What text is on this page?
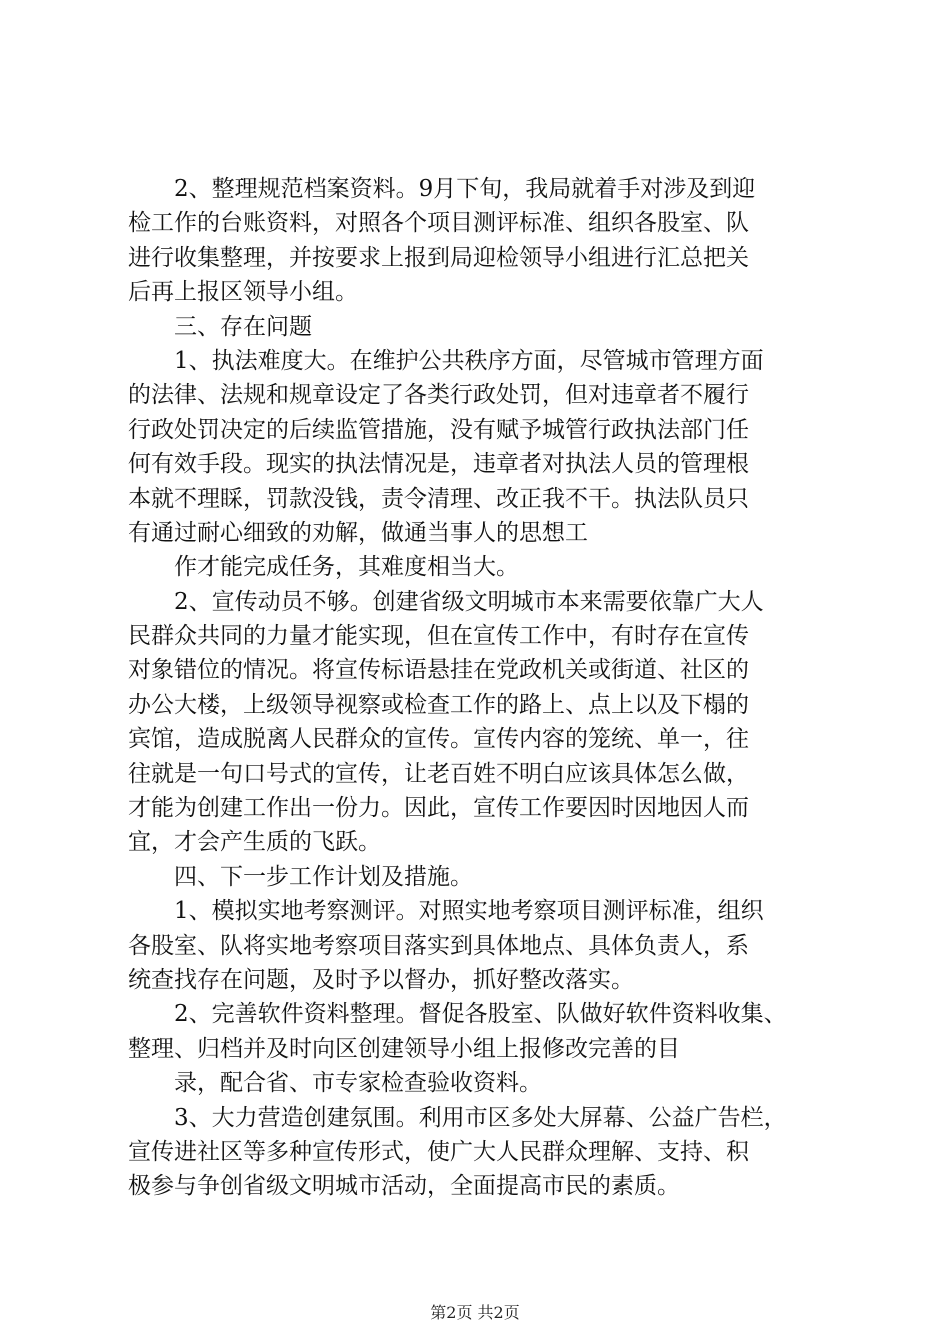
2、整理规范档案资料。9月下旬，我局就着手对涉及到迎
检工作的台账资料，对照各个项目测评标准、组织各股室、队
进行收集整理，并按要求上报到局迎检领导小组进行汇总把关
后再上报区领导小组。
三、存在问题
1、执法难度大。在维护公共秩序方面，尽管城市管理方面
的法律、法规和规章设定了各类行政处罚，但对违章者不履行
行政处罚决定的后续监管措施，没有赋予城管行政执法部门任
何有效手段。现实的执法情况是，违章者对执法人员的管理根
本就不理睬，罚款没钱，责令清理、改正我不干。执法队员只
有通过耐心细致的劝解，做通当事人的思想工
作才能完成任务，其难度相当大。
2、宣传动员不够。创建省级文明城市本来需要依靠广大人
民群众共同的力量才能实现，但在宣传工作中，有时存在宣传
对象错位的情况。将宣传标语悬挂在党政机关或街道、社区的
办公大楼，上级领导视察或检查工作的路上、点上以及下榻的
宾馆，造成脱离人民群众的宣传。宣传内容的笼统、单一，往
往就是一句口号式的宣传，让老百姓不明白应该具体怎么做，
才能为创建工作出一份力。因此，宣传工作要因时因地因人而
宜，才会产生质的飞跃。
四、下一步工作计划及措施。
1、模拟实地考察测评。对照实地考察项目测评标准，组织
各股室、队将实地考察项目落实到具体地点、具体负责人，系
统查找存在问题，及时予以督办，抓好整改落实。
2、完善软件资料整理。督促各股室、队做好软件资料收集、
整理、归档并及时向区创建领导小组上报修改完善的目
录，配合省、市专家检查验收资料。
3、大力营造创建氛围。利用市区多处大屏幕、公益广告栏，
宣传进社区等多种宣传形式，使广大人民群众理解、支持、积
极参与争创省级文明城市活动，全面提高市民的素质。
第2页 共2页
